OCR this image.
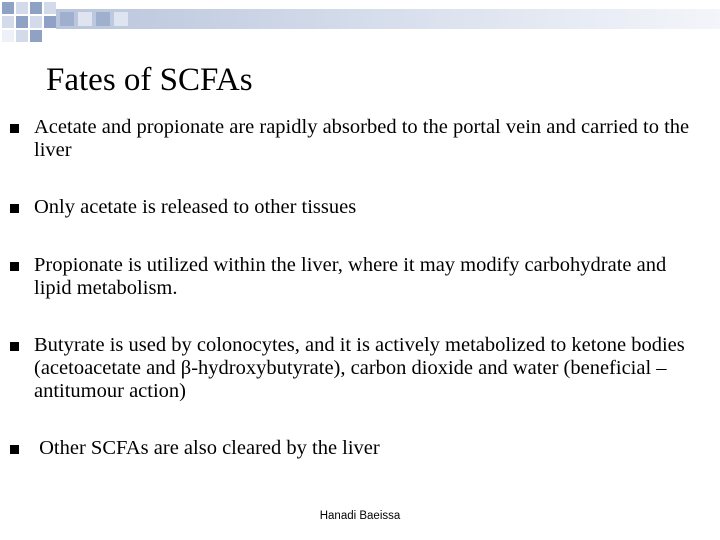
Fates of SCFAs
Acetate and propionate are rapidly absorbed to the portal vein and carried to the liver
Only acetate is released to other tissues
Propionate is utilized within the liver, where it may modify carbohydrate and lipid metabolism.
Butyrate is used by colonocytes, and it is actively metabolized to ketone bodies (acetoacetate and β-hydroxybutyrate), carbon dioxide and water (beneficial – antitumour action)
Other SCFAs are also cleared by the liver
Hanadi Baeissa
